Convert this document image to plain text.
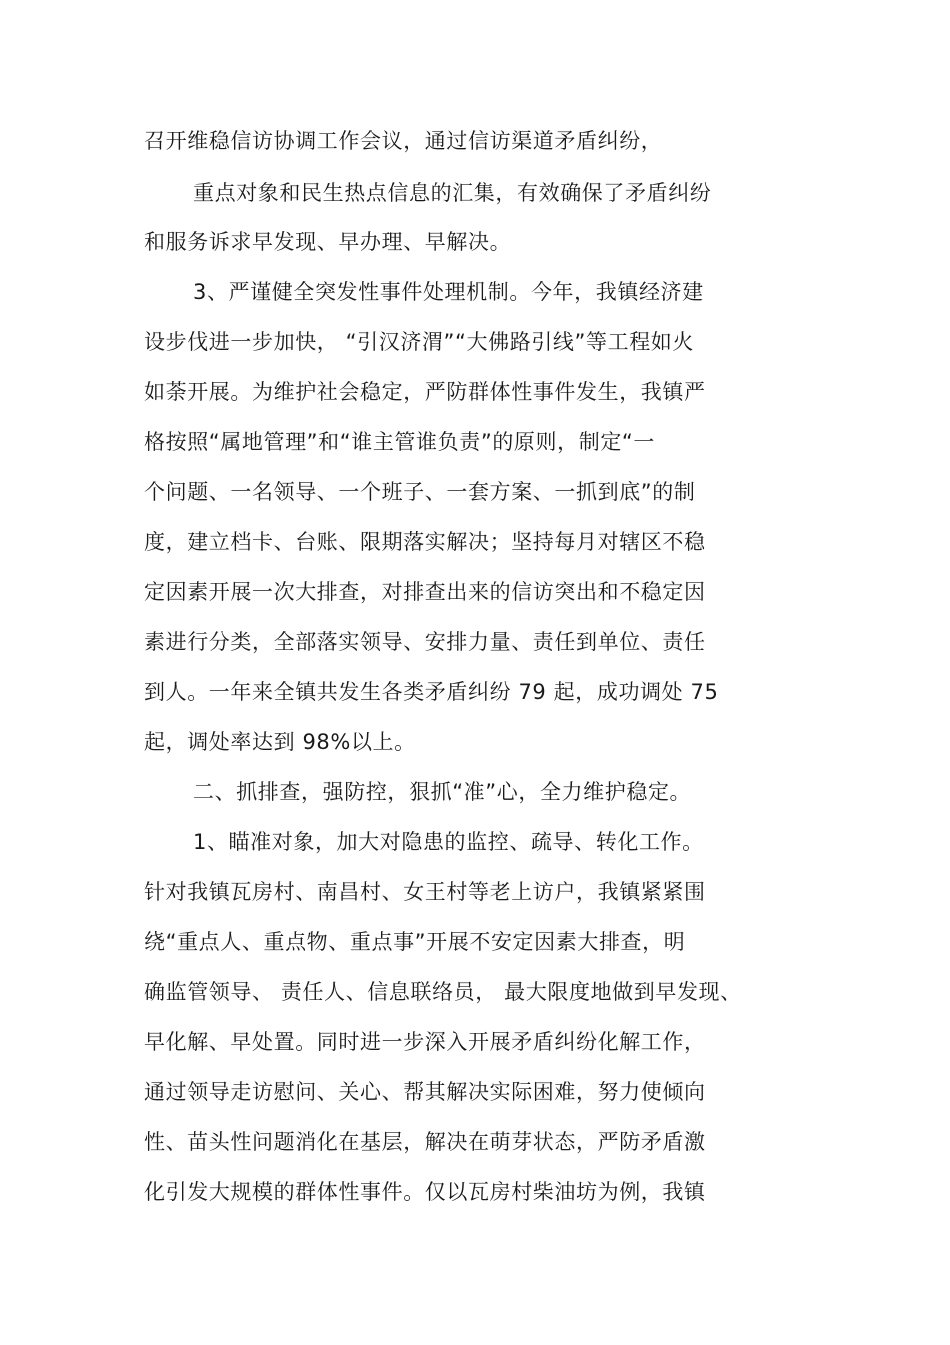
召开维稳信访协调工作会议，通过信访渠道矛盾纠纷，
重点对象和民生热点信息的汇集，有效确保了矛盾纠纷
和服务诉求早发现、早办理、早解决。
3、严谨健全突发性事件处理机制。今年，我镇经济建
设步伐进一步加快， “引汉济渭”“大佛路引线”等工程如火
如荼开展。为维护社会稳定，严防群体性事件发生，我镇严
格按照“属地管理”和“谁主管谁负责”的原则，制定“一
个问题、一名领导、一个班子、一套方案、一抓到底”的制
度，建立档卡、台账、限期落实解决；坚持每月对辖区不稳
定因素开展一次大排查，对排查出来的信访突出和不稳定因
素进行分类，全部落实领导、安排力量、责任到单位、责任
到人。一年来全镇共发生各类矛盾纠纷 79 起，成功调处 75
起，调处率达到 98%以上。
二、抓排查，强防控，狠抓“准”心，全力维护稳定。
1、瞄准对象，加大对隐患的监控、疏导、转化工作。
针对我镇瓦房村、南昌村、女王村等老上访户，我镇紧紧围
绕“重点人、重点物、重点事”开展不安定因素大排查，明
确监管领导、 责任人、信息联络员， 最大限度地做到早发现、
早化解、早处置。同时进一步深入开展矛盾纠纷化解工作，
通过领导走访慰问、关心、帮其解决实际困难，努力使倾向
性、苗头性问题消化在基层，解决在萌芽状态，严防矛盾激
化引发大规模的群体性事件。仅以瓦房村柴油坊为例，我镇
